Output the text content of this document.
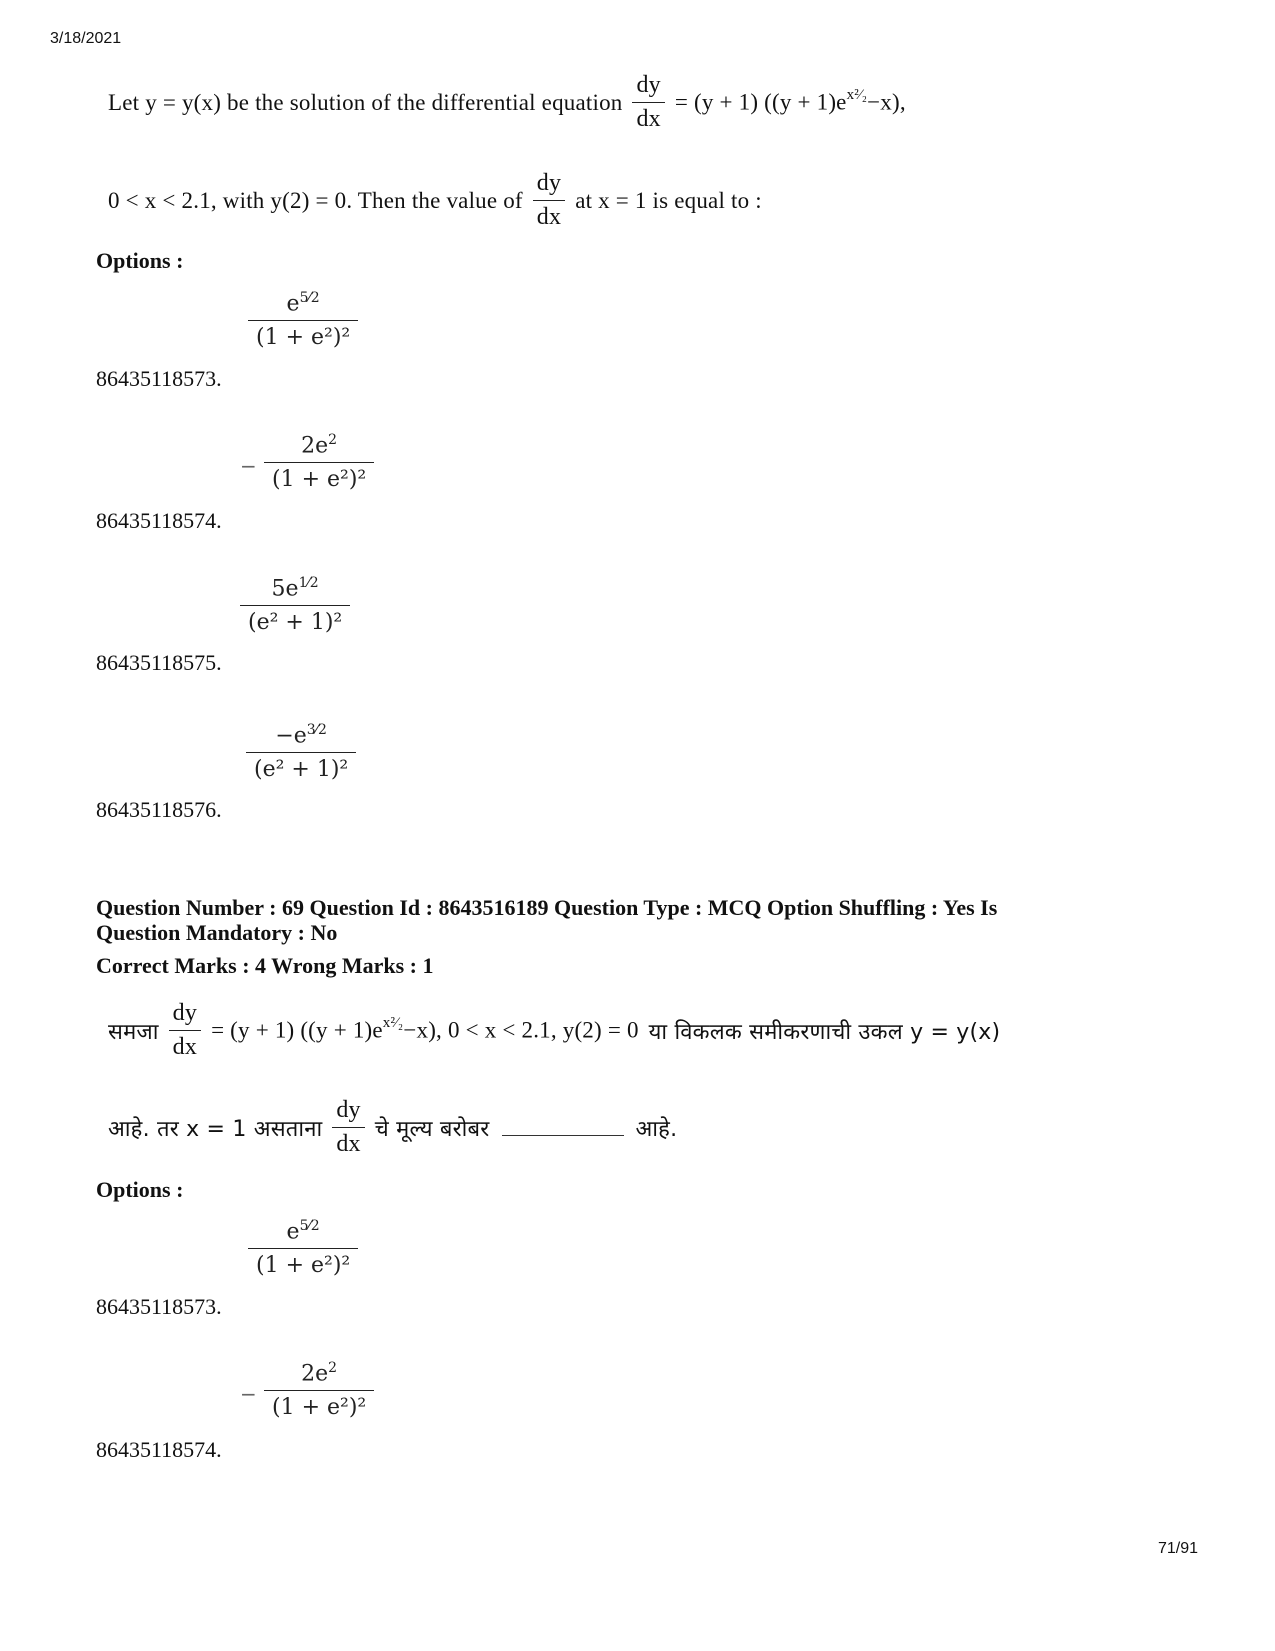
3/18/2021
Let y = y(x) be the solution of the differential equation $\frac{dy}{dx} = (y + 1) ((y + 1)e^{x^2⁄_2}-x)$,
0 < x < 2.1, with y(2) = 0. Then the value of $\frac{dy}{dx}$ at x = 1 is equal to :
Options :
$e^{5⁄2}$
(1 + e²)²
86435118573.
−
$2e^2$
(1 + e²)²
86435118574.
$5e^{1⁄2}$
(e² + 1)²
86435118575.
$-e^{3⁄2}$
(e² + 1)²
86435118576.
Question Number : 69 Question Id : 8643516189 Question Type : MCQ Option Shuffling : Yes Is
Question Mandatory : No
Correct Marks : 4 Wrong Marks : 1
समजा $\frac{dy}{dx} = (y + 1) ((y + 1)e^{x^2⁄_2}-x)$, 0 < x < 2.1, y(2) = 0 या विकलक समीकरणाची उकल y = y(x)
आहे. तर x = 1 असताना $\frac{dy}{dx}$ चे मूल्य बरोबर	आहे.
Options :
$e^{5⁄2}$
(1 + e²)²
86435118573.
−
$2e^2$
(1 + e²)²
86435118574.
71/91
